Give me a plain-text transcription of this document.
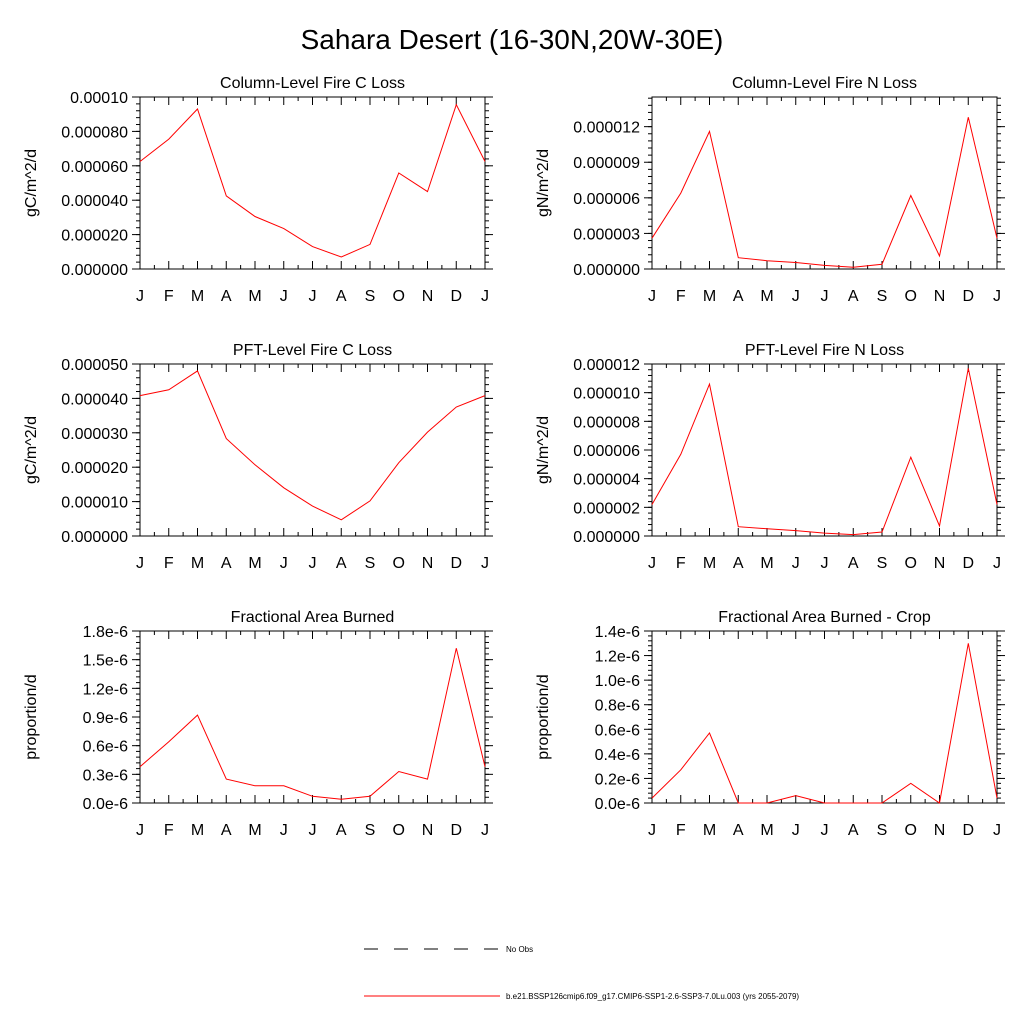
Sahara Desert (16-30N,20W-30E)
Column-Level Fire C Loss
gC/m^2/d
J F M A M J J A S O N D J
0.000000
0.000020
0.000040
0.000060
0.000080
0.00010
Column-Level Fire N Loss
gN/m^2/d
J F M A M J J A S O N D J
0.000000
0.000003
0.000006
0.000009
0.000012
PFT-Level Fire C Loss
gC/m^2/d
J F M A M J J A S O N D J
0.000000
0.000010
0.000020
0.000030
0.000040
0.000050
PFT-Level Fire N Loss
gN/m^2/d
J F M A M J J A S O N D J
0.000000
0.000002
0.000004
0.000006
0.000008
0.000010
0.000012
Fractional Area Burned
proportion/d
J F M A M J J A S O N D J
0.0e-6
0.3e-6
0.6e-6
0.9e-6
1.2e-6
1.5e-6
1.8e-6
Fractional Area Burned - Crop
proportion/d
J F M A M J J A S O N D J
0.0e-6
0.2e-6
0.4e-6
0.6e-6
0.8e-6
1.0e-6
1.2e-6
1.4e-6
No Obs
b.e21.BSSP126cmip6.f09_g17.CMIP6-SSP1-2.6-SSP3-7.0Lu.003 (yrs 2055-2079)
